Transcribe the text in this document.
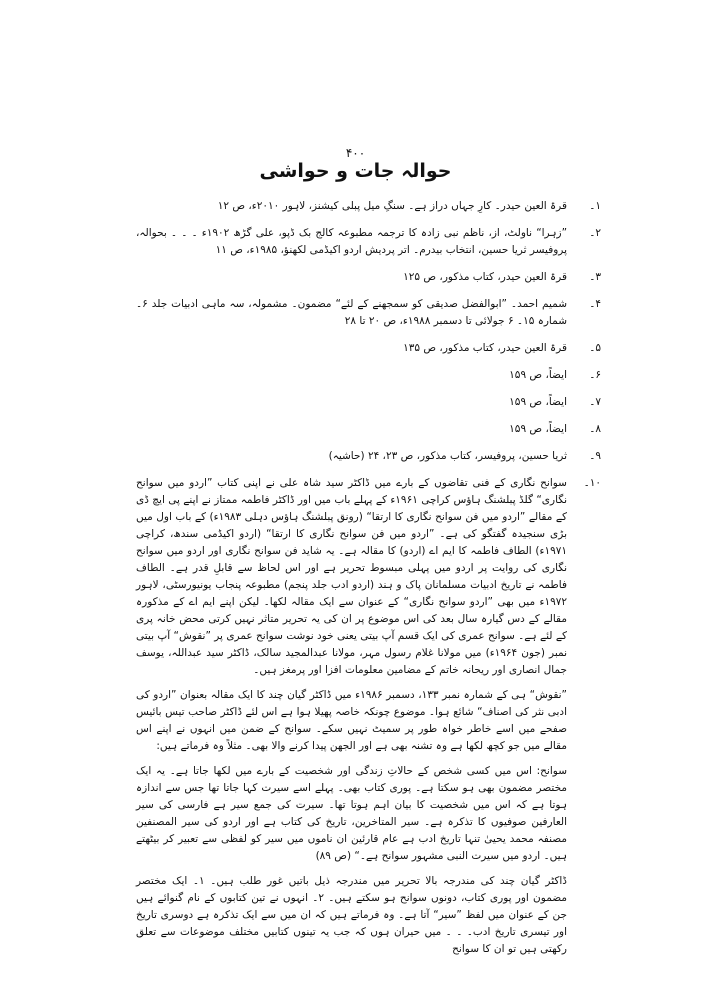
۴۰۰
حوالہ جات و حواشی
۱۔
قرۃ العین حیدر۔ کارِ جہاں دراز ہے۔ سنگِ میل پبلی کیشنز، لاہور ۲۰۱۰ء، ص ۱۲
۲۔
”زہرا“ ناولٹ، از، ناظم نبی زادہ کا ترجمہ مطبوعہ کالج بک ڈپو، علی گڑھ ۱۹۰۲ء ۔ ۔ ۔ بحوالہ، پروفیسر ثریا حسین، انتخاب بیدرم۔ اتر پردیش اردو اکیڈمی لکھنؤ، ۱۹۸۵ء، ص ۱۱
۳۔
قرۃ العین حیدر، کتاب مذکور، ص ۱۲۵
۴۔
شمیم احمد۔ ”ابوالفضل صدیقی کو سمجھنے کے لئے“ مضمون۔ مشمولہ، سہ ماہی ادبیات جلد ۶۔ شمارہ ۱۵۔ ۶ جولائی تا دسمبر ۱۹۸۸ء، ص ۲۰ تا ۲۸
۵۔
قرۃ العین حیدر، کتاب مذکور، ص ۱۳۵
۶۔
ایضاً، ص ۱۵۹
۷۔
ایضاً، ص ۱۵۹
۸۔
ایضاً، ص ۱۵۹
۹۔
ثریا حسین، پروفیسر، کتاب مذکور، ص ۲۳، ۲۴ (حاشیہ)
۱۰۔
سوانح نگاری کے فنی تقاضوں کے بارے میں ڈاکٹر سید شاہ علی نے اپنی کتاب ”اردو میں سوانح نگاری“ گلڈ پبلشنگ ہاؤس کراچی ۱۹۶۱ء کے پہلے باب میں اور ڈاکٹر فاطمہ ممتاز نے اپنے پی ایچ ڈی کے مقالے ”اردو میں فن سوانح نگاری کا ارتقا“ (رونق پبلشنگ ہاؤس دہلی ۱۹۸۳ء) کے باب اول میں بڑی سنجیدہ گفتگو کی ہے۔ ”اردو میں فن سوانح نگاری کا ارتقا“ (اردو اکیڈمی سندھ، کراچی ۱۹۷۱ء) الطاف فاطمہ کا ایم اے (اردو) کا مقالہ ہے۔ یہ شاید فن سوانح نگاری اور اردو میں سوانح نگاری کی روایت پر اردو میں پہلی مبسوط تحریر ہے اور اس لحاظ سے قابلِ قدر ہے۔ الطاف فاطمہ نے تاریخ ادبیات مسلمانان پاک و ہند (اردو ادب جلد پنجم) مطبوعہ پنجاب یونیورسٹی، لاہور ۱۹۷۲ء میں بھی ”اردو سوانح نگاری“ کے عنوان سے ایک مقالہ لکھا۔ لیکن اپنے ایم اے کے مذکورہ مقالے کے دس گیارہ سال بعد کی اس موضوع پر ان کی یہ تحریر متاثر نہیں کرتی محض خانہ پری کے لئے ہے۔ سوانح عمری کی ایک قسم آپ بیتی یعنی خود نوشت سوانح عمری پر ”نقوش“ آپ بیتی نمبر (جون ۱۹۶۴ء) میں مولانا غلام رسول مہر، مولانا عبدالمجید سالک، ڈاکٹر سید عبداللہ، یوسف جمال انصاری اور ریحانہ خاتم کے مضامین معلومات افزا اور پرمغز ہیں۔
”نقوش“ ہی کے شمارہ نمبر ۱۳۳، دسمبر ۱۹۸۶ء میں ڈاکٹر گیان چند کا ایک مقالہ بعنوان ”اردو کی ادبی نثر کی اصناف“ شائع ہوا۔ موضوع چونکہ خاصہ پھیلا ہوا ہے اس لئے ڈاکٹر صاحب تیس بائیس صفحے میں اسے خاطر خواہ طور پر سمیٹ نہیں سکے۔ سوانح کے ضمن میں انہوں نے اپنے اس مقالے میں جو کچھ لکھا ہے وہ تشنہ بھی ہے اور الجھن پیدا کرنے والا بھی۔ مثلاً وہ فرماتے ہیں:
سوانح: اس میں کسی شخص کے حالاتِ زندگی اور شخصیت کے بارے میں لکھا جاتا ہے۔ یہ ایک مختصر مضمون بھی ہو سکتا ہے۔ پوری کتاب بھی۔ پہلے اسے سیرت کہا جاتا تھا جس سے اندازہ ہوتا ہے کہ اس میں شخصیت کا بیان اہم ہوتا تھا۔ سیرت کی جمع سیر ہے فارسی کی سیر العارفین صوفیوں کا تذکرہ ہے۔ سیر المتاخرین، تاریخ کی کتاب ہے اور اردو کی سیر المصنفین مصنفہ محمد یحییٰ تنہا تاریخ ادب ہے عام قارئین ان ناموں میں سیر کو لفظی سے تعبیر کر بیٹھتے ہیں۔ اردو میں سیرت النبی مشہور سوانح ہے۔“ (ص ۸۹)
ڈاکٹر گیان چند کی مندرجہ بالا تحریر میں مندرجہ ذیل باتیں غور طلب ہیں۔ ۱۔ ایک مختصر مضمون اور پوری کتاب، دونوں سوانح ہو سکتے ہیں۔ ۲۔ انہوں نے تین کتابوں کے نام گنوائے ہیں جن کے عنوان میں لفظ ”سیر“ آتا ہے۔ وہ فرماتے ہیں کہ ان میں سے ایک تذکرہ ہے دوسری تاریخ اور تیسری تاریخ ادب۔ ۔ ۔ میں حیران ہوں کہ جب یہ تینوں کتابیں مختلف موضوعات سے تعلق رکھتی ہیں تو ان کا سوانح
